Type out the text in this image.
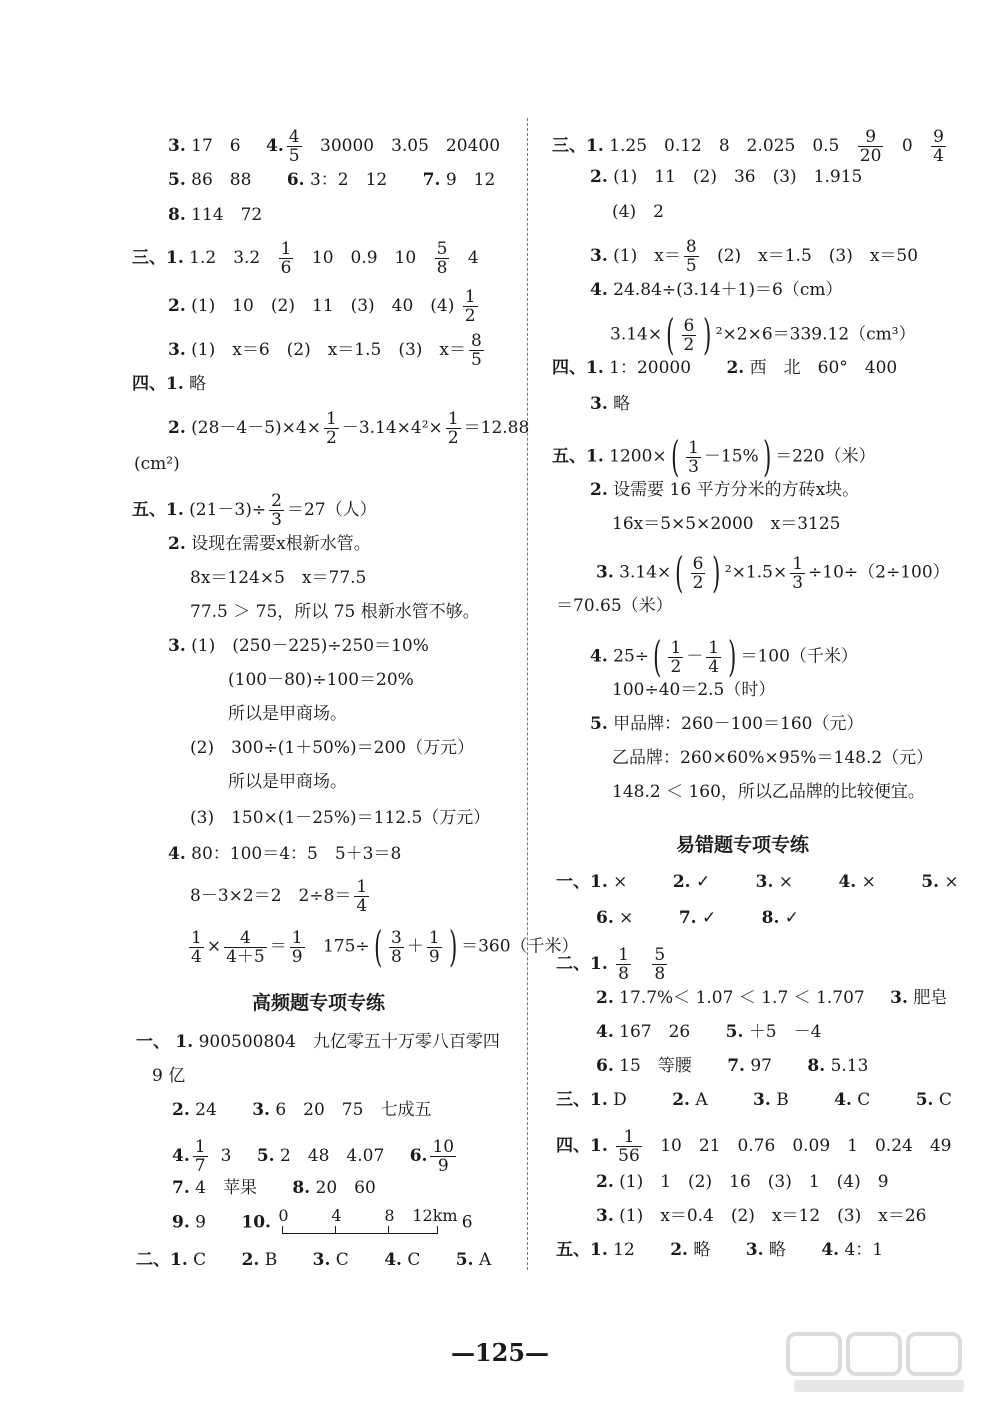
3. 17　6 4. $\frac{4}{5} 30000$　3.05　20400
5. 86　88 6. 3：2　12 7. 9　12
8. 114　72
三、1. 1.2　$3.2 \frac{1}{6} 10$　0.9　$10 \frac{5}{8} 4$
2. (1)　10　(2)　11　(3)　40　$(4) \frac{1}{2}$
3. (1)　x＝6　(2)　x＝1.5　(3)　$x= \frac{8}{5}$
四、1. 略
2. $(28-4-5)\times 4\times \frac{1}{2} -3.14\times 4^2\times \frac{1}{2} =12.88$
(cm²)
五、1. $(21-3)\div \frac{2}{3} =27$（人）
2. 设现在需要x根新水管。
8x＝124×5　x＝77.5
77.5 ＞ 75，所以 75 根新水管不够。
3. (1)　(250－225)÷250＝10%
(100－80)÷100＝20%
所以是甲商场。
(2)　300÷(1＋50%)＝200（万元）
所以是甲商场。
(3)　150×(1－25%)＝112.5（万元）
4. 80：100＝4：5　5＋3＝8
8－3×2＝2　$2\div 8= \frac{1}{4}$
$\frac{1}{4} \times \frac{4}{4+5} = \frac{1}{9} 175\div( \frac{3}{8} + \frac{1}{9}$ ) ＝360（千米）
高频题专项专练
一、 1. 900500804　九亿零五十万零八百零四
9 亿
2. 24 3. 6　20　75　七成五
4. $\frac{1}{7} 3$ 5. 2　48　4.07 6. $\frac{10}{9}$
7. 4　苹果 8. 20　60
9. 9 10. 0	4	8 12km 6
二、1. C 2. B 3. C 4. C 5. A
三、1. 1.25　0.12　8　2.025　$0.5 \frac{9}{20} 0 \frac{9}{4}$
2. (1)　11　(2)　36　(3)　1.915
(4)　2
3. (1)　$x= \frac{8}{5} (2)$　x＝1.5　(3)　x＝50
4. 24.84÷(3.14＋1)＝6（cm）
$3.14\times( \frac{6}{2}$ ) ²×2×6＝339.12（cm³）
四、1. 1：20000 2. 西　北　60°　400
3. 略
五、1. $1200\times( \frac{1}{3} -15\%) =220$（米）
2. 设需要 16 平方分米的方砖x块。
16x＝5×5×2000　x＝3125
3. $3.14\times( \frac{6}{2}$ ) $^2\times 1.5\times \frac{1}{3} \div 10\div(2\div 100)$
＝70.65（米）
4. $25\div( \frac{1}{2} - \frac{1}{4}$ ) ＝100（千米）
100÷40＝2.5（时）
5. 甲品牌：260－100＝160（元）
乙品牌：260×60%×95%＝148.2（元）
148.2 ＜ 160，所以乙品牌的比较便宜。
易错题专项专练
一、1. ×	2. ✓	3. ×	4. ×	5. ×
6. ×	7. ✓	8. ✓
二、1. $\frac{1}{8}$
$\frac{5}{8}$
2. 17.7%＜ 1.07 ＜ 1.7 ＜ 1.707 3. 肥皂
4. 167　26 5. ＋5　－4
6. 15　等腰 7. 97 8. 5.13
三、1. D	2. A	3. B	4. C	5. C
四、1. $\frac{1}{56} 10$　21　0.76　0.09　1　0.24　49
2. (1)　1　(2)　16　(3)　1　(4)　9
3. (1)　x＝0.4　(2)　x＝12　(3)　x＝26
五、1. 12 2. 略 3. 略 4. 4：1
—125—
